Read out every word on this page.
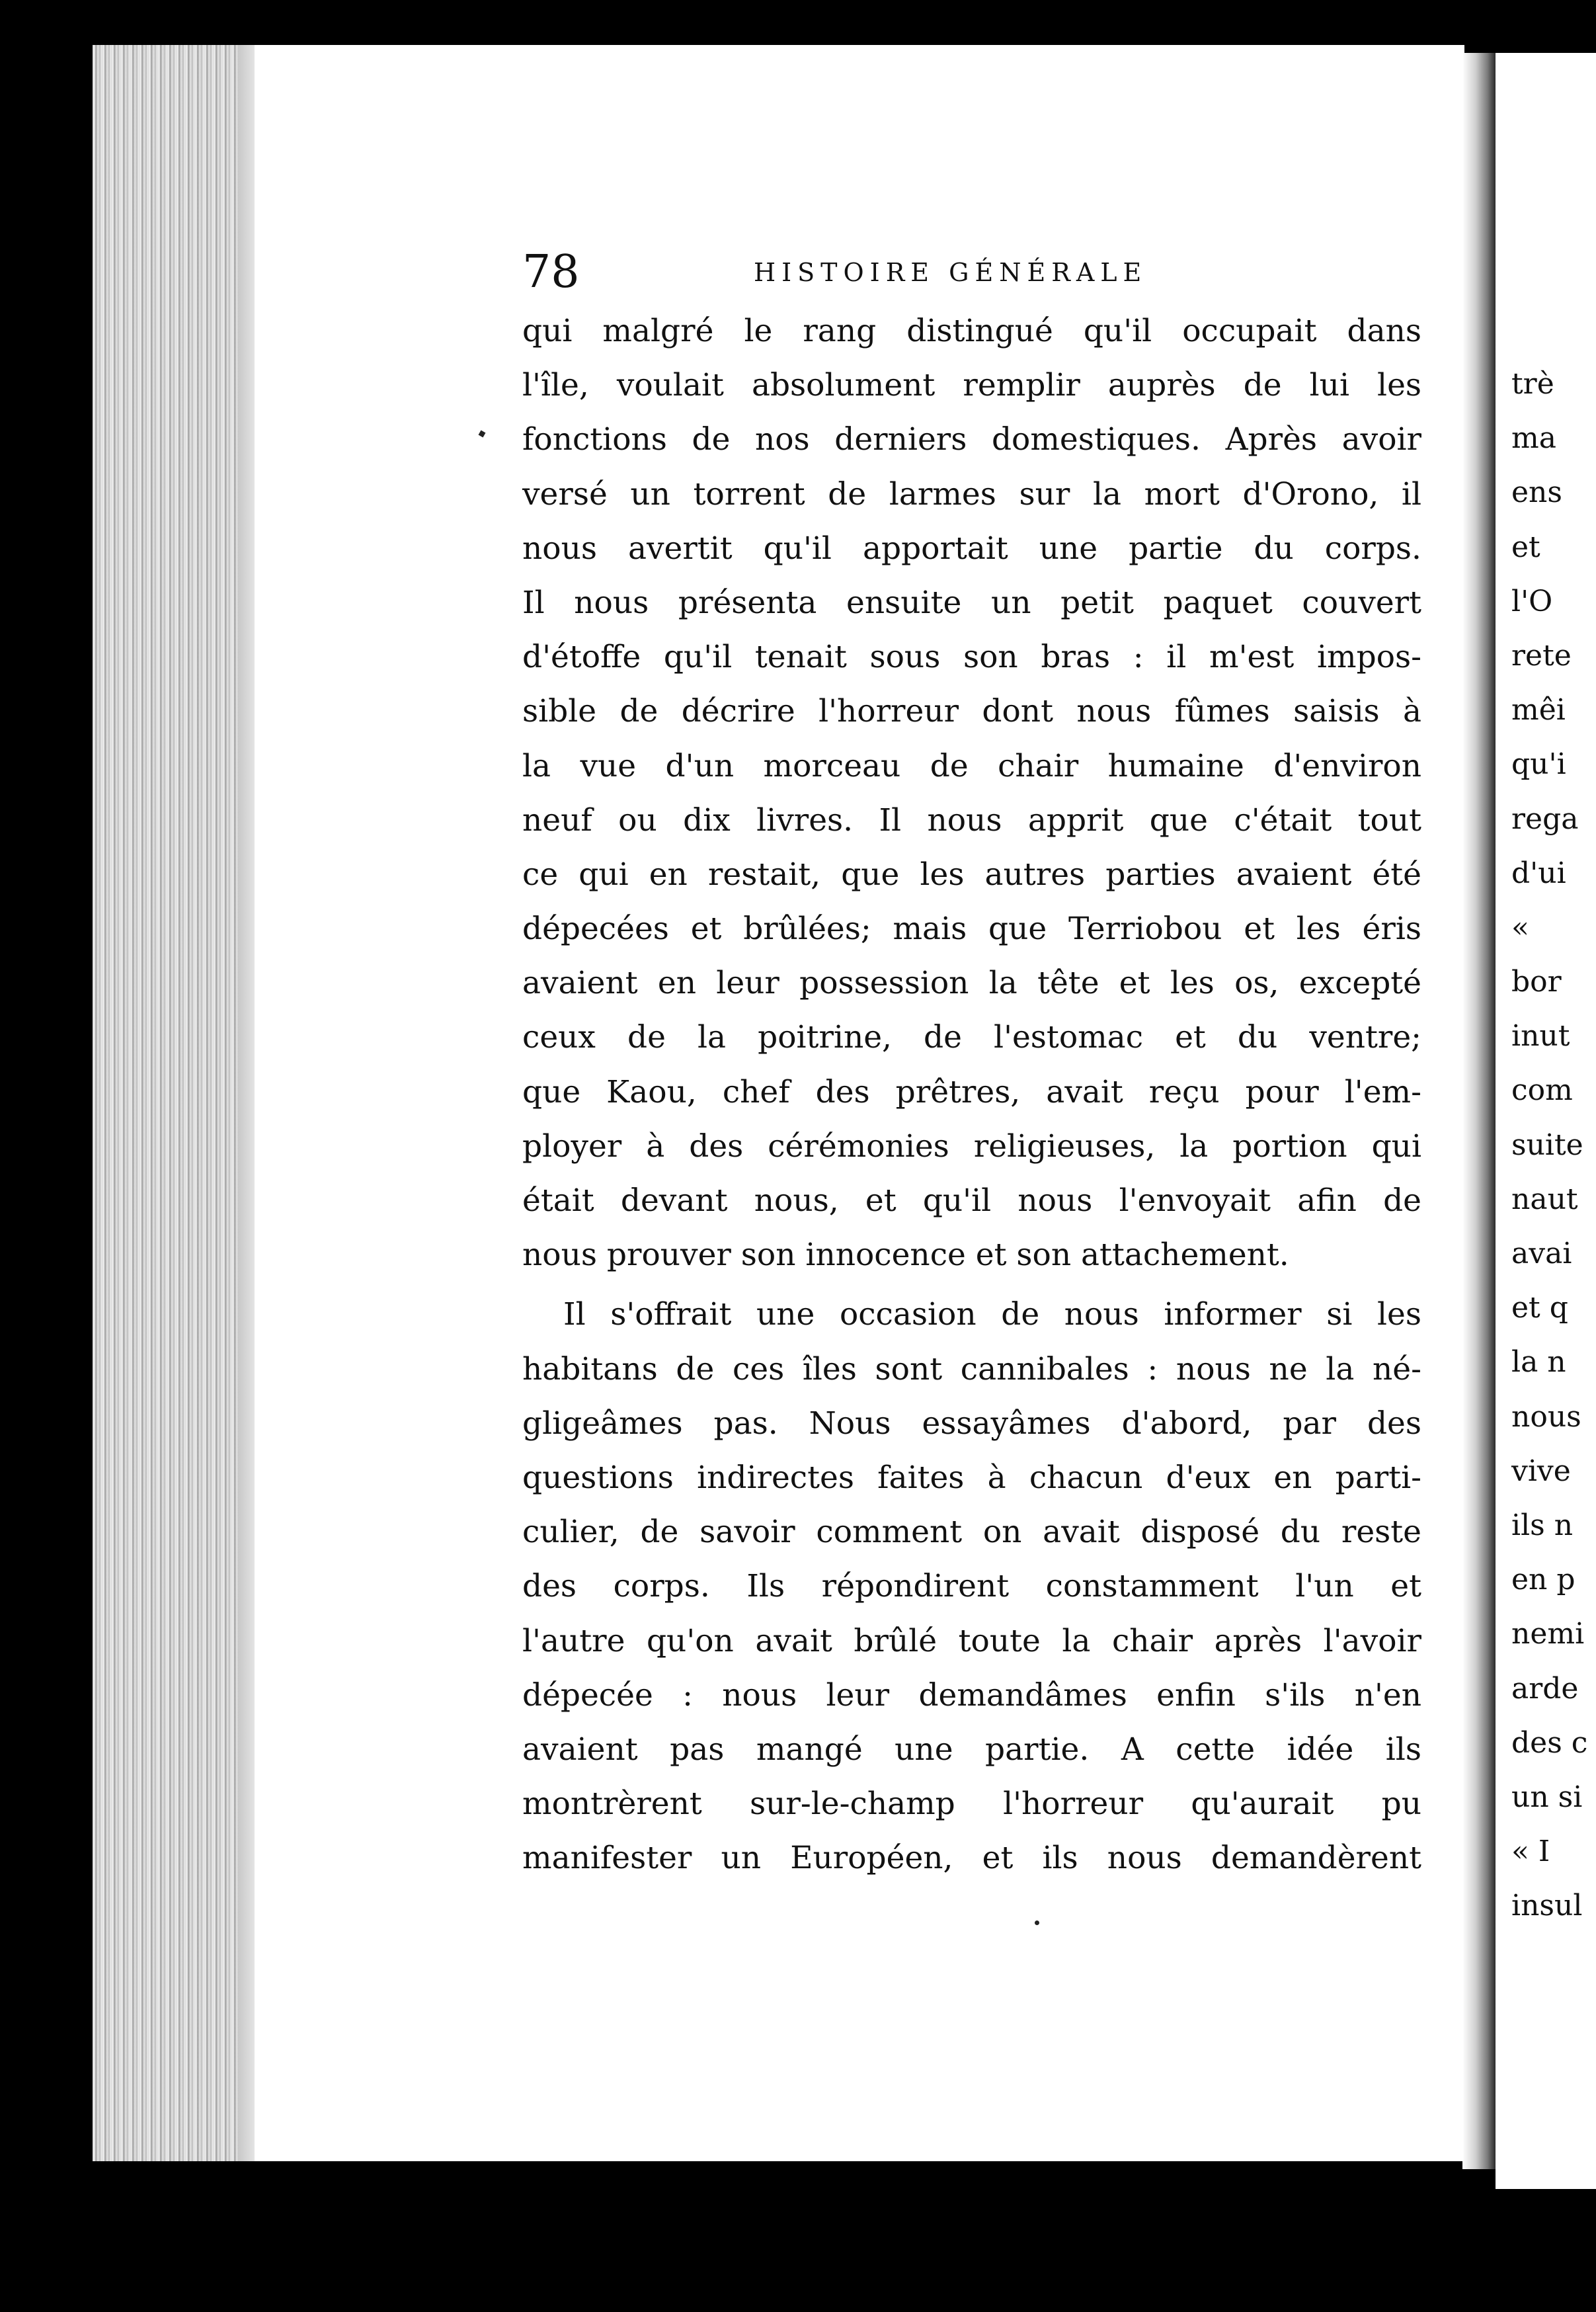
78	HISTOIRE GÉNÉRALE
qui malgré le rang distingué qu'il occupait dans
l'île, voulait absolument remplir auprès de lui les
fonctions de nos derniers domestiques. Après avoir
versé un torrent de larmes sur la mort d'Orono, il
nous avertit qu'il apportait une partie du corps.
Il nous présenta ensuite un petit paquet couvert
d'étoffe qu'il tenait sous son bras : il m'est impos-
sible de décrire l'horreur dont nous fûmes saisis à
la vue d'un morceau de chair humaine d'environ
neuf ou dix livres. Il nous apprit que c'était tout
ce qui en restait, que les autres parties avaient été
dépecées et brûlées; mais que Terriobou et les éris
avaient en leur possession la tête et les os, excepté
ceux de la poitrine, de l'estomac et du ventre;
que Kaou, chef des prêtres, avait reçu pour l'em-
ployer à des cérémonies religieuses, la portion qui
était devant nous, et qu'il nous l'envoyait afin de
nous prouver son innocence et son attachement.
Il s'offrait une occasion de nous informer si les
habitans de ces îles sont cannibales : nous ne la né-
gligeâmes pas. Nous essayâmes d'abord, par des
questions indirectes faites à chacun d'eux en parti-
culier, de savoir comment on avait disposé du reste
des corps. Ils répondirent constamment l'un et
l'autre qu'on avait brûlé toute la chair après l'avoir
dépecée : nous leur demandâmes enfin s'ils n'en
avaient pas mangé une partie. A cette idée ils
montrèrent sur-le-champ l'horreur qu'aurait pu
manifester un Européen, et ils nous demandèrent
trè
ma
ens
et
l'O
rete
mêi
qu'i
rega
d'ui
«
bor
inut
com
suite
naut
avai
et q
la n
nous
vive
ils n
en p
nemi
arde
des c
un si
« I
insul
